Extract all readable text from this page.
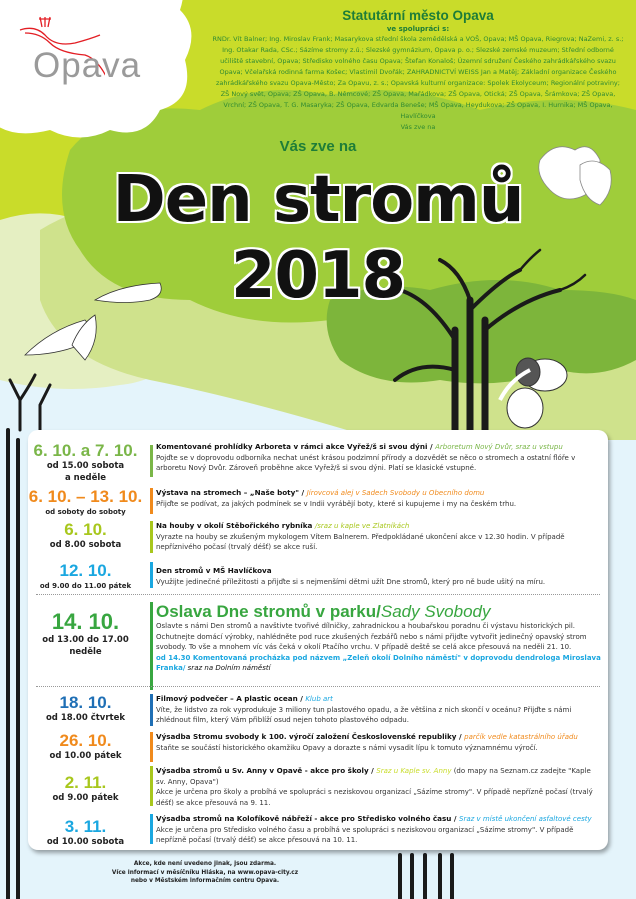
Opava
Statutární město Opava
ve spolupráci s:
RNDr. Vít Balner; Ing. Miroslav Frank; Masarykova střední škola zemědělská a VOŠ, Opava; MŠ Opava, Riegrova; NaZemi, z. s.; Ing. Otakar Rada, CSc.; Sázíme stromy z.ú.; Slezské gymnázium, Opava p. o.; Slezské zemské muzeum; Střední odborné učiliště stavební, Opava; Středisko volného času Opava; Štefan Konaloš; Územní sdružení Českého zahrádkářského svazu Opava; Včelařská rodinná farma Košec; Vlastimil Dvořák; ZAHRADNICTVÍ WEISS Jan a Matěj; Základní organizace Českého zahrádkářského svazu Opava-Město; Za Opavu, z. s.; Opavská kulturní organizace: Spolek Ekolyceum; Regionální potraviny; ZŠ Nový svět, Opava; ZŠ Opava, B. Němcové; ZŠ Opava, Mařádkova; ZŠ Opava, Otická; ZŠ Opava, Šrámkova; ZŠ Opava, Vrchní; ZŠ Opava, T. G. Masaryka; ZŠ Opava, Edvarda Beneše; MŠ Opava, Heydukova; ZŠ Opava, I. Hurnika; MŠ Opava, Havlíčkova
Vás zve na
Vás zve na
Den stromů
2018
6. 10. a 7. 10.
od 15.00 sobota
a neděle
Komentované prohlídky Arboreta v rámci akce Vyřež/š si svou dýni / Arboretum Nový Dvůr, sraz u vstupu
Pojďte se v doprovodu odborníka nechat unést krásou podzimní přírody a dozvědět se něco o stromech a ostatní flóře v arboretu Nový Dvůr. Zároveň proběhne akce Vyřež/š si svou dýni. Platí se klasické vstupné.
6. 10. – 13. 10.
od soboty do soboty
Výstava na stromech – „Naše boty" / Jírovcová alej v Sadech Svobody u Obecního domu
Přijďte se podívat, za jakých podmínek se v Indii vyrábějí boty, které si kupujeme i my na českém trhu.
6. 10.
od 8.00 sobota
Na houby v okolí Stěbořického rybníka /sraz u kaple ve Zlatníkách
Vyrazte na houby se zkušeným mykologem Vítem Balnerem. Předpokládané ukončení akce v 12.30 hodin. V případě nepříznivého počasí (trvalý déšť) se akce ruší.
12. 10.
od 9.00 do 11.00 pátek
Den stromů v MŠ Havlíčkova
Využijte jedinečné příležitosti a přijďte si s nejmenšími dětmi užít Dne stromů, který pro ně bude ušitý na míru.
14. 10.
od 13.00 do 17.00
neděle
Oslava Dne stromů v parku/Sady Svobody
Oslavte s námi Den stromů a navštivte tvořivé dílničky, zahradnickou a houbařskou poradnu či výstavu historických pil. Ochutnejte domácí výrobky, nahlédněte pod ruce zkušených řezbářů nebo s námi přijďte vytvořit jedinečný opavský strom svobody. To vše a mnohem víc vás čeká v okolí Ptačího vrchu. V případě deště se celá akce přesouvá na neděli 21. 10.
od 14.30 Komentovaná procházka pod názvem „Zeleň okolí Dolního náměstí" v doprovodu dendrologa Miroslava Franka/ sraz na Dolním náměstí
18. 10.
od 18.00 čtvrtek
Filmový podvečer – A plastic ocean / Klub art
Víte, že lidstvo za rok vyprodukuje 3 miliony tun plastového opadu, a že většina z nich skončí v oceánu? Přijďte s námi zhlédnout film, který Vám přiblíží osud nejen tohoto plastového odpadu.
26. 10.
od 10.00 pátek
Výsadba Stromu svobody k 100. výročí založení Československé republiky / parčík vedle katastrálního úřadu
Staňte se součástí historického okamžiku Opavy a dorazte s námi vysadit lípu k tomuto významnému výročí.
2. 11.
od 9.00 pátek
Výsadba stromů u Sv. Anny v Opavě - akce pro školy / Sraz u Kaple sv. Anny (do mapy na Seznam.cz zadejte "Kaple sv. Anny, Opava")
Akce je určena pro školy a probíhá ve spolupráci s neziskovou organizací „Sázíme stromy". V případě nepřízně počasí (trvalý déšť) se akce přesouvá na 9. 11.
3. 11.
od 10.00 sobota
Výsadba stromů na Kolofíkově nábřeží - akce pro Středisko volného času / Sraz v místě ukončení asfaltové cesty
Akce je určena pro Středisko volného času a probíhá ve spolupráci s neziskovou organizací „Sázíme stromy". V případě nepřízně počasí (trvalý déšť) se akce přesouvá na 10. 11.
Akce, kde není uvedeno jinak, jsou zdarma.
Více informací v měsíčníku Hláska, na www.opava-city.cz
nebo v Městském informačním centru Opava.
